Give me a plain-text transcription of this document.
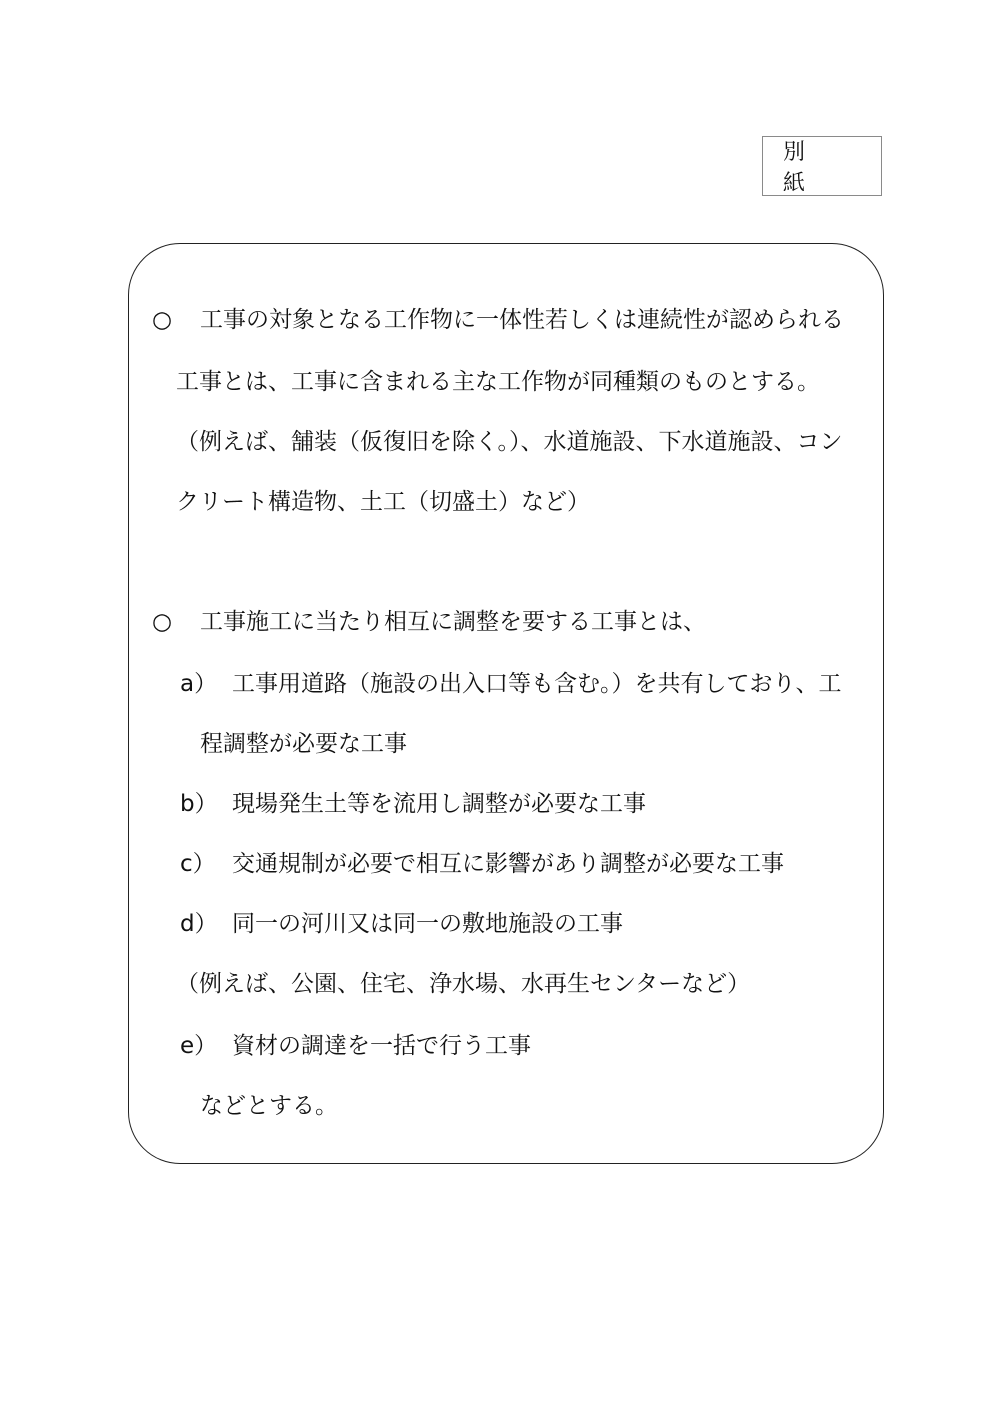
別 紙
○ 工事の対象となる工作物に一体性若しくは連続性が認められる
工事とは、工事に含まれる主な工作物が同種類のものとする。
（例えば、舗装（仮復旧を除く。）、水道施設、下水道施設、コン
クリート構造物、土工（切盛土）など）
○ 工事施工に当たり相互に調整を要する工事とは、
a） 工事用道路（施設の出入口等も含む。）を共有しており、工
程調整が必要な工事
b） 現場発生土等を流用し調整が必要な工事
c） 交通規制が必要で相互に影響があり調整が必要な工事
d） 同一の河川又は同一の敷地施設の工事
（例えば、公園、住宅、浄水場、水再生センターなど）
e） 資材の調達を一括で行う工事
などとする。
